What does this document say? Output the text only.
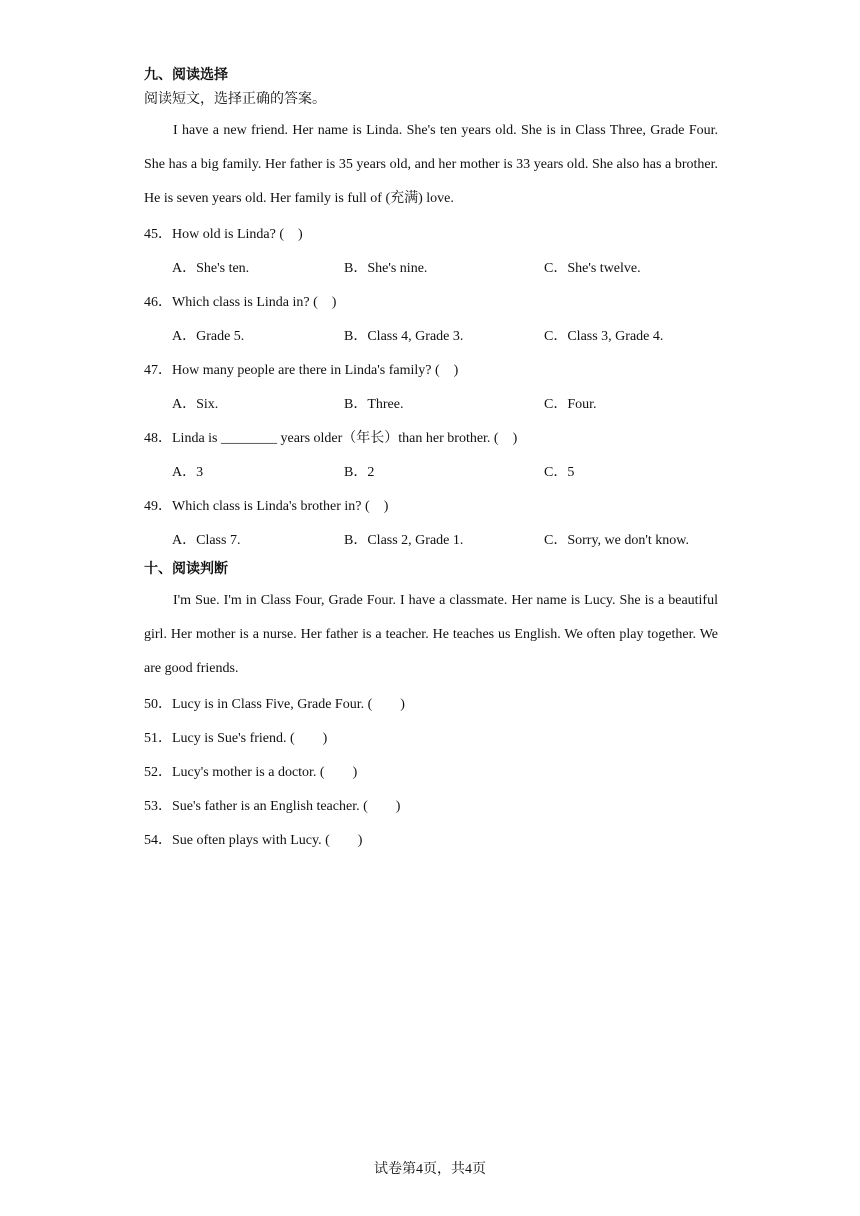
九、阅读选择
阅读短文，选择正确的答案。
I have a new friend. Her name is Linda. She's ten years old. She is in Class Three, Grade Four. She has a big family. Her father is 35 years old, and her mother is 33 years old. She also has a brother. He is seven years old. Her family is full of (充满) love.
45．How old is Linda? (　)
A．She's ten.	B．She's nine.	C．She's twelve.
46．Which class is Linda in? (　)
A．Grade 5.	B．Class 4, Grade 3.	C．Class 3, Grade 4.
47．How many people are there in Linda's family? (　)
A．Six.	B．Three.	C．Four.
48．Linda is ________ years older（年长）than her brother. (　)
A．3	B．2	C．5
49．Which class is Linda's brother in? (　)
A．Class 7.	B．Class 2, Grade 1.	C．Sorry, we don't know.
十、阅读判断
I'm Sue. I'm in Class Four, Grade Four. I have a classmate. Her name is Lucy. She is a beautiful girl. Her mother is a nurse. Her father is a teacher. He teaches us English. We often play together. We are good friends.
50．Lucy is in Class Five, Grade Four. (　　)
51．Lucy is Sue's friend. (　　)
52．Lucy's mother is a doctor. (　　)
53．Sue's father is an English teacher. (　　)
54．Sue often plays with Lucy. (　　)
试卷第4页，共4页
